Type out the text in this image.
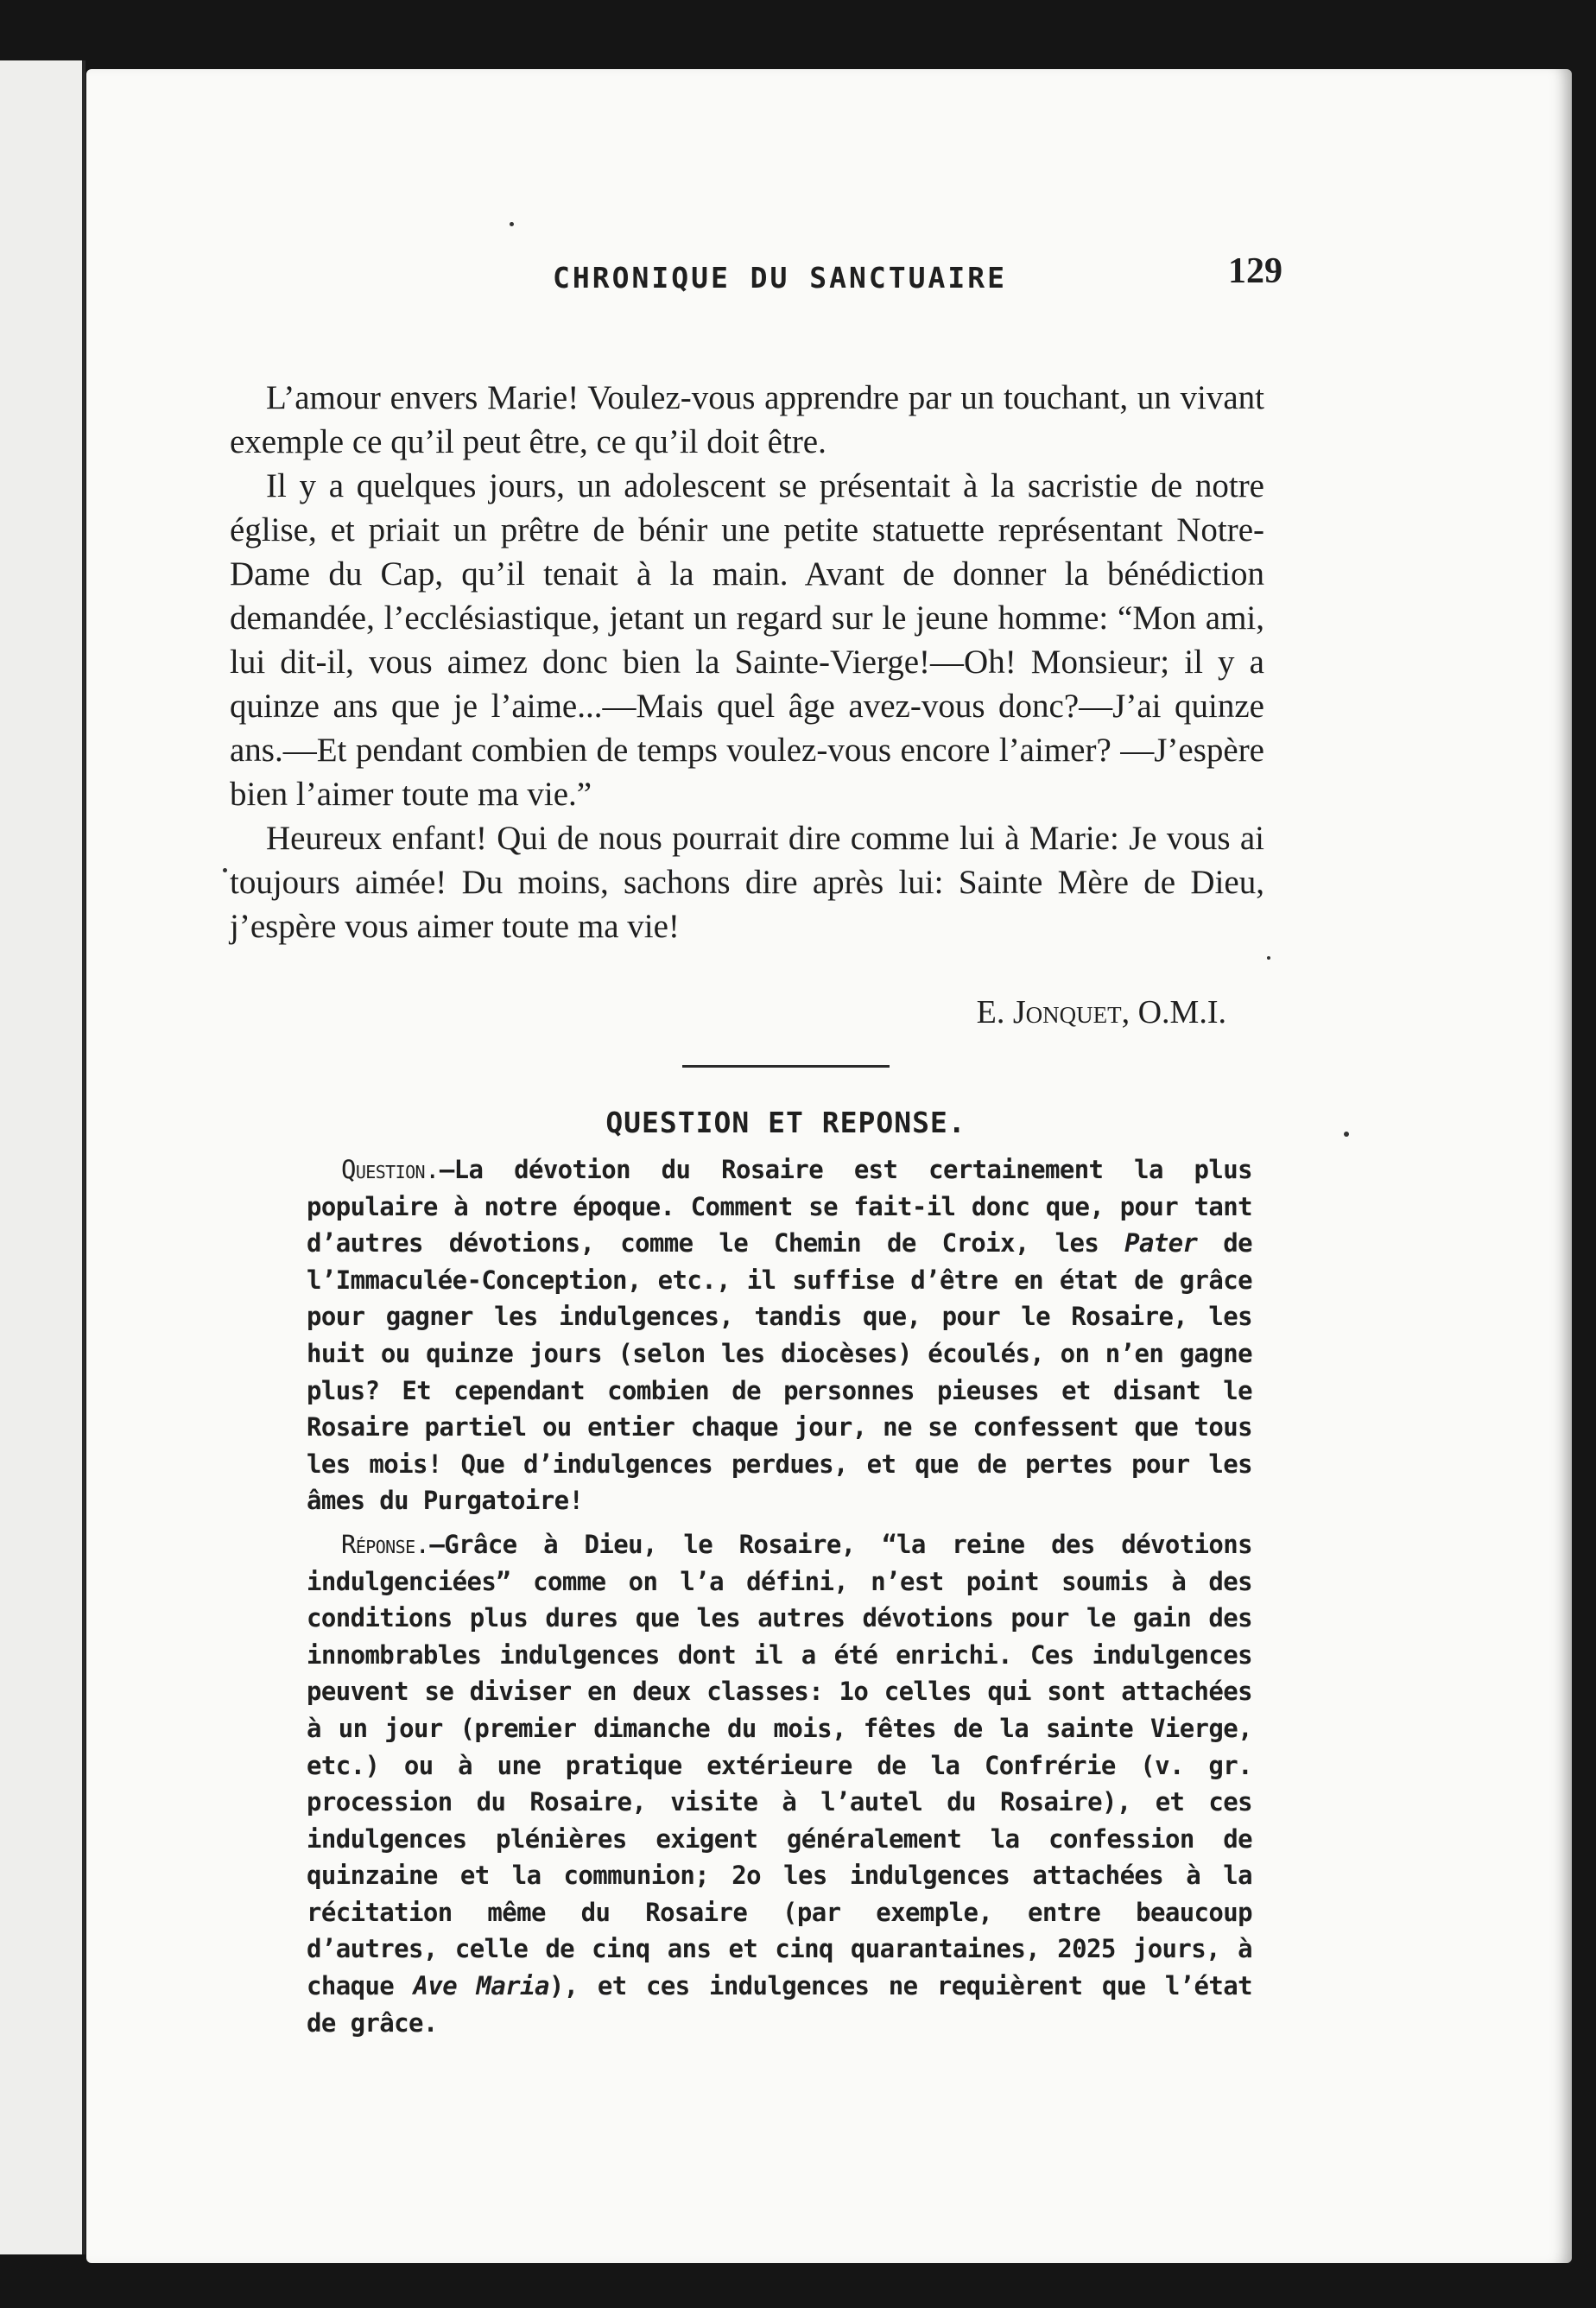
CHRONIQUE DU SANCTUAIRE	129

L’amour envers Marie! Voulez-vous apprendre par un touchant, un vivant exemple ce qu’il peut être, ce qu’il doit être.

Il y a quelques jours, un adolescent se présentait à la sacristie de notre église, et priait un prêtre de bénir une petite statuette représentant Notre-Dame du Cap, qu’il tenait à la main. Avant de donner la bénédiction demandée, l’ecclésiastique, jetant un regard sur le jeune homme: “Mon ami, lui dit-il, vous aimez donc bien la Sainte-Vierge!—Oh! Monsieur; il y a quinze ans que je l’aime...—Mais quel âge avez-vous donc?—J’ai quinze ans.—Et pendant combien de temps voulez-vous encore l’aimer? —J’espère bien l’aimer toute ma vie.”

Heureux enfant! Qui de nous pourrait dire comme lui à Marie: Je vous ai toujours aimée! Du moins, sachons dire après lui: Sainte Mère de Dieu, j’espère vous aimer toute ma vie!

E. Jonquet, O.M.I.
QUESTION ET REPONSE.

Question.—La dévotion du Rosaire est certainement la plus populaire à notre époque. Comment se fait-il donc que, pour tant d’autres dévotions, comme le Chemin de Croix, les Pater de l’Immaculée-Conception, etc., il suffise d’être en état de grâce pour gagner les indulgences, tandis que, pour le Rosaire, les huit ou quinze jours (selon les diocèses) écoulés, on n’en gagne plus? Et cependant combien de personnes pieuses et disant le Rosaire partiel ou entier chaque jour, ne se confessent que tous les mois! Que d’indulgences perdues, et que de pertes pour les âmes du Purgatoire!

Réponse.—Grâce à Dieu, le Rosaire, “la reine des dévotions indulgenciées” comme on l’a défini, n’est point soumis à des conditions plus dures que les autres dévotions pour le gain des innombrables indulgences dont il a été enrichi. Ces indulgences peuvent se diviser en deux classes: 1o celles qui sont attachées à un jour (premier dimanche du mois, fêtes de la sainte Vierge, etc.) ou à une pratique extérieure de la Confrérie (v. gr. procession du Rosaire, visite à l’autel du Rosaire), et ces indulgences plénières exigent généralement la confession de quinzaine et la communion; 2o les indulgences attachées à la récitation même du Rosaire (par exemple, entre beaucoup d’autres, celle de cinq ans et cinq quarantaines, 2025 jours, à chaque Ave Maria), et ces indulgences ne requièrent que l’état de grâce.
